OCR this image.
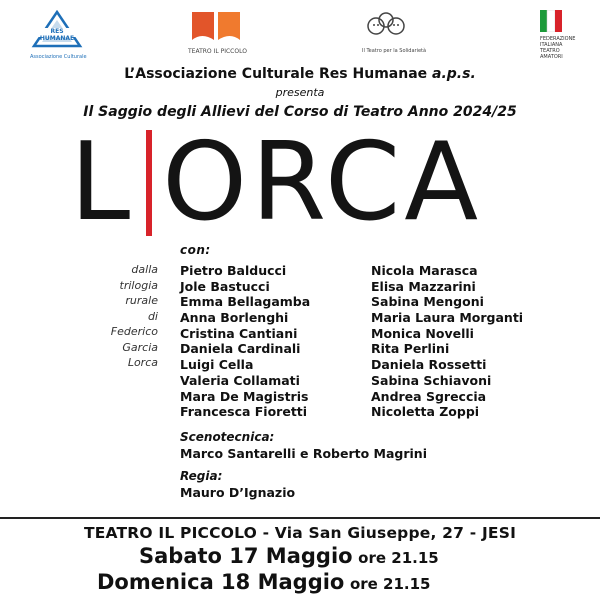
RES HUMANAE
Associazione Culturale
TEATRO IL PICCOLO	Il Teatro per la Solidarietà
FEDERAZIONE
ITALIANA
TEATRO
AMATORI
L’Associazione Culturale Res Humanae a.p.s.
presenta
Il Saggio degli Allievi del Corso di Teatro Anno 2024/25
L ORCA
con:
dalla
trilogia
rurale
di
Federico
Garcia
Lorca
Pietro Balducci
Jole Bastucci
Emma Bellagamba
Anna Borlenghi
Cristina Cantiani
Daniela Cardinali
Luigi Cella
Valeria Collamati
Mara De Magistris
Francesca Fioretti
Nicola Marasca
Elisa Mazzarini
Sabina Mengoni
Maria Laura Morganti
Monica Novelli
Rita Perlini
Daniela Rossetti
Sabina Schiavoni
Andrea Sgreccia
Nicoletta Zoppi
Scenotecnica:
Marco Santarelli e Roberto Magrini
Regia:
Mauro D’Ignazio
TEATRO IL PICCOLO - Via San Giuseppe, 27 - JESI
Sabato 17 Maggio ore 21.15
Domenica 18 Maggio ore 21.15
